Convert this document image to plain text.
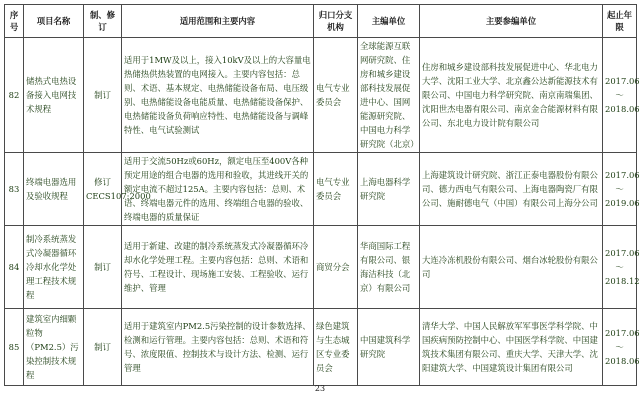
序号	项目名称	制、修订	适用范围和主要内容	归口分支机构	主编单位	主要参编单位	起止年限
82	储热式电热设备接入电网技术规程	制订	适用于1MW及以上，接入10kV及以上的大容量电热储热供热装置的电网接入。主要内容包括：总则、术语、基本规定、电热储能设备布局、电压级别、电热储能设备电能质量、电热储能设备保护、电热储能设备负荷响应特性、电热储能设备与调峰特性、电气试验测试	电气专业委员会	全球能源互联网研究院、住房和城乡建设部科技发展促进中心、国网能源研究院、中国电力科学研究院（北京）	住房和城乡建设部科技发展促进中心、华北电力大学、沈阳工业大学、北京鑫公达新能源技术有限公司、中国电力科学研究院、南京南瑞集团、沈阳世杰电器有限公司、南京金合能源材料有限公司、东北电力设计院有限公司	2017.06
～
2018.06

83	终端电器选用及验收规程	修订CECS107:2000	适用于交流50Hz或60Hz，额定电压至400V各种预定用途的组合电器的选用和验收，其进线开关的额定电流不超过125A。主要内容包括：总则、术语、终端电器元件的选用、终端组合电器的验收、终端电器的质量保证	电气专业委员会	上海电器科学研究院	上海建筑设计研究院、浙江正泰电器股份有限公司、德力西电气有限公司、上海电器陶瓷厂有限公司、施耐德电气（中国）有限公司上海分公司	2017.06
～
2019.06

84	制冷系统蒸发式冷凝器循环冷却水化学处理工程技术规程	制订	适用于新建、改建的制冷系统蒸发式冷凝器循环冷却水化学处理工程。主要内容包括：总则、术语和符号、工程设计、现场施工安装、工程验收、运行维护、管理	商贸分会	华商国际工程有限公司、银海洁科技（北京）有限公司	大连冷冻机股份有限公司、烟台冰轮股份有限公司	2017.06
～
2018.12

85	建筑室内细颗粒物（PM2.5）污染控制技术规程	制订	适用于建筑室内PM2.5污染控制的设计参数选择、检测和运行管理。主要内容包括：总则、术语和符号、浓度限值、控制技术与设计方法、检测、运行管理	绿色建筑与生态城区专业委员会	中国建筑科学研究院	清华大学、中国人民解放军军事医学科学院、中国疾病预防控制中心、中国医学科学院、中国建筑技术集团有限公司、重庆大学、天津大学、沈阳建筑大学、中国建筑设计集团有限公司	2017.06
～
2018.06
23
